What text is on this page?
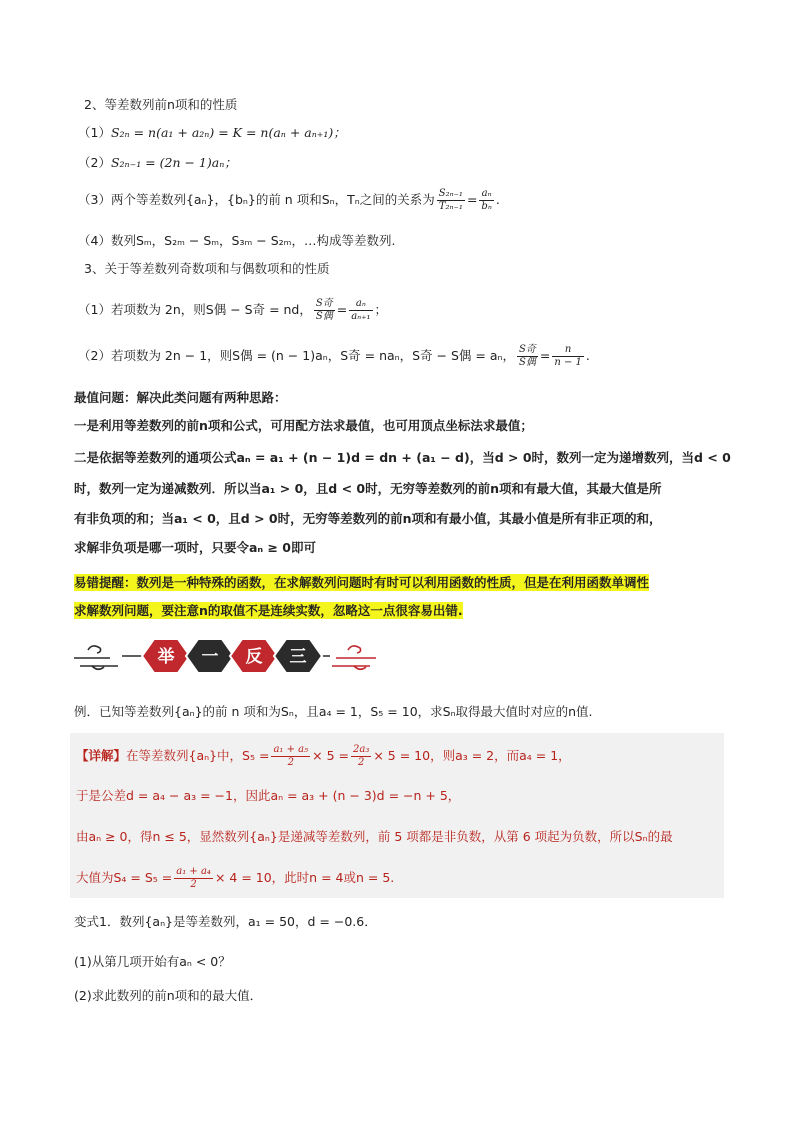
2、等差数列前n项和的性质
（1）S₂ₙ = n(a₁ + a₂ₙ) = K = n(aₙ + aₙ₊₁)；
（2）S₂ₙ₋₁ = (2n − 1)aₙ；
（3）两个等差数列{aₙ}，{bₙ}的前 n 项和Sₙ，Tₙ之间的关系为 $\frac{\text{S₂ₙ₋₁}}{\text{T₂ₙ₋₁}} = \frac{\text{aₙ}}{\text{bₙ}}$ .
（4）数列Sₘ，S₂ₘ − Sₘ，S₃ₘ − S₂ₘ，…构成等差数列.
3、关于等差数列奇数项和与偶数项和的性质
（1）若项数为 2n，则S偶 − S奇 = nd， $\frac{\text{S奇}}{\text{S偶}} = \frac{\text{aₙ}}{\text{aₙ₊₁}}$ ；
（2）若项数为 2n − 1，则S偶 = (n − 1)aₙ，S奇 = naₙ，S奇 − S偶 = aₙ， $\frac{\text{S奇}}{\text{S偶}} = \frac{n}{n - 1}$ .
最值问题：解决此类问题有两种思路：
一是利用等差数列的前n项和公式，可用配方法求最值，也可用顶点坐标法求最值；
二是依据等差数列的通项公式aₙ = a₁ + (n − 1)d = dn + (a₁ − d)，当d > 0时，数列一定为递增数列，当d < 0
时，数列一定为递减数列．所以当a₁ > 0，且d < 0时，无穷等差数列的前n项和有最大值，其最大值是所
有非负项的和；当a₁ < 0，且d > 0时，无穷等差数列的前n项和有最小值，其最小值是所有非正项的和，
求解非负项是哪一项时，只要令aₙ ≥ 0即可
易错提醒：数列是一种特殊的函数，在求解数列问题时有时可以利用函数的性质，但是在利用函数单调性
求解数列问题，要注意n的取值不是连续实数，忽略这一点很容易出错.
举 一 反 三
例．已知等差数列{aₙ}的前 n 项和为Sₙ，且a₄ = 1，S₅ = 10，求Sₙ取得最大值时对应的n值.
【详解】在等差数列{aₙ}中，$S_5 = \frac{\text{a₁ + a₅}}{2} \times 5 = \frac{\text{2a₃}}{2} \times 5 = 10$，则a₃ = 2，而a₄ = 1，
于是公差d = a₄ − a₃ = −1，因此aₙ = a₃ + (n − 3)d = −n + 5，
由aₙ ≥ 0，得n ≤ 5，显然数列{aₙ}是递减等差数列，前 5 项都是非负数，从第 6 项起为负数，所以Sₙ的最
大值为$S_4 = S_5 = \frac{\text{a₁ + a₄}}{2} \times 4 = 10$，此时n = 4或n = 5.
变式1．数列{aₙ}是等差数列，a₁ = 50，d = −0.6．
(1)从第几项开始有aₙ < 0？
(2)求此数列的前n项和的最大值．
